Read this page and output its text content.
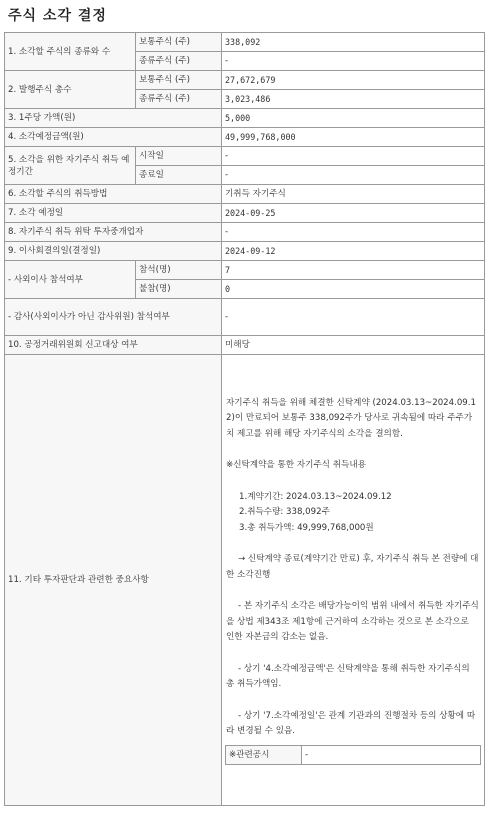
주식 소각 결정
1. 소각할 주식의 종류와 수	보통주식 (주)	338,092
종류주식 (주)	-
2. 발행주식 총수	보통주식 (주)	27,672,679
종류주식 (주)	3,023,486
3. 1주당 가액(원)	5,000
4. 소각예정금액(원)	49,999,768,000
5. 소각을 위한 자기주식 취득 예정기간	시작일	-
종료일	-
6. 소각할 주식의 취득방법	기취득 자기주식
7. 소각 예정일	2024-09-25
8. 자기주식 취득 위탁 투자중개업자	-
9. 이사회결의일(결정일)	2024-09-12
- 사외이사 참석여부	참석(명)	7
불참(명)	0
- 감사(사외이사가 아닌 감사위원) 참석여부	-
10. 공정거래위원회 신고대상 여부	미해당
11. 기타 투자판단과 관련한 중요사항	
자기주식 취득을 위해 체결한 신탁계약 (2024.03.13~2024.09.12)이 만료되어 보통주 338,092주가 당사로 귀속됨에 따라 주주가치 제고를 위해 해당 자기주식의 소각을 결의함.
※신탁계약을 통한 자기주식 취득내용
1.계약기간: 2024.03.13~2024.09.12
2.취득수량: 338,092주
3.총 취득가액: 49,999,768,000원
→ 신탁계약 종료(계약기간 만료) 후, 자기주식 취득 본 전량에 대한 소각진행
- 본 자기주식 소각은 배당가능이익 범위 내에서 취득한 자기주식을 상법 제343조 제1항에 근거하여 소각하는 것으로 본 소각으로 인한 자본금의 감소는 없음.
- 상기 '4.소각예정금액'은 신탁계약을 통해 취득한 자기주식의 총 취득가액임.
- 상기 '7.소각예정일'은 관계 기관과의 진행절차 등의 상황에 따라 변경될 수 있음.
※관련공시	-
